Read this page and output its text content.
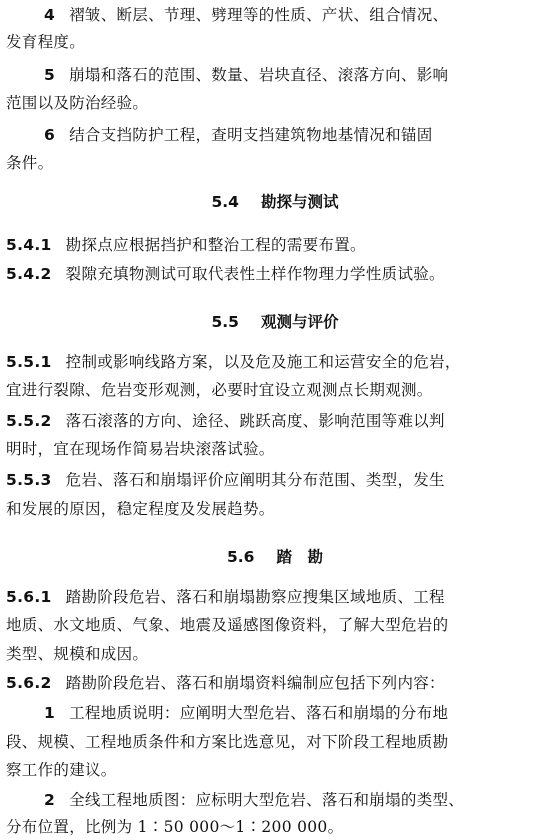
4 褶皱、断层、节理、劈理等的性质、产状、组合情况、
发育程度。
5 崩塌和落石的范围、数量、岩块直径、滚落方向、影响
范围以及防治经验。
6 结合支挡防护工程，查明支挡建筑物地基情况和锚固
条件。
5.4 勘探与测试
5.4.1 勘探点应根据挡护和整治工程的需要布置。
5.4.2 裂隙充填物测试可取代表性土样作物理力学性质试验。
5.5 观测与评价
5.5.1 控制或影响线路方案，以及危及施工和运营安全的危岩，
宜进行裂隙、危岩变形观测，必要时宜设立观测点长期观测。
5.5.2 落石滚落的方向、途径、跳跃高度、影响范围等难以判
明时，宜在现场作简易岩块滚落试验。
5.5.3 危岩、落石和崩塌评价应阐明其分布范围、类型，发生
和发展的原因，稳定程度及发展趋势。
5.6 踏　勘
5.6.1 踏勘阶段危岩、落石和崩塌勘察应搜集区域地质、工程
地质、水文地质、气象、地震及遥感图像资料，了解大型危岩的
类型、规模和成因。
5.6.2 踏勘阶段危岩、落石和崩塌资料编制应包括下列内容：
1 工程地质说明：应阐明大型危岩、落石和崩塌的分布地
段、规模、工程地质条件和方案比选意见，对下阶段工程地质勘
察工作的建议。
2 全线工程地质图：应标明大型危岩、落石和崩塌的类型、
分布位置，比例为 1∶50 000～1∶200 000。
